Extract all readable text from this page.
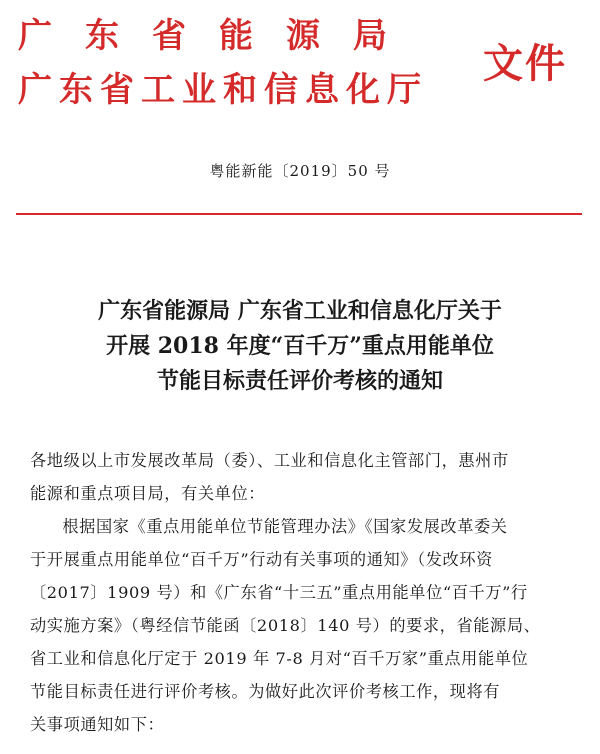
广东省能源局
广东省工业和信息化厅
文件
粤能新能〔2019〕50 号
广东省能源局 广东省工业和信息化厅关于
开展 2018 年度“百千万”重点用能单位
节能目标责任评价考核的通知

各地级以上市发展改革局（委）、工业和信息化主管部门，惠州市
能源和重点项目局，有关单位：

根据国家《重点用能单位节能管理办法》《国家发展改革委关
于开展重点用能单位“百千万”行动有关事项的通知》（发改环资
〔2017〕1909 号）和《广东省“十三五”重点用能单位“百千万”行
动实施方案》（粤经信节能函〔2018〕140 号）的要求，省能源局、
省工业和信息化厅定于 2019 年 7-8 月对“百千万家”重点用能单位
节能目标责任进行评价考核。为做好此次评价考核工作，现将有
关事项通知如下：
